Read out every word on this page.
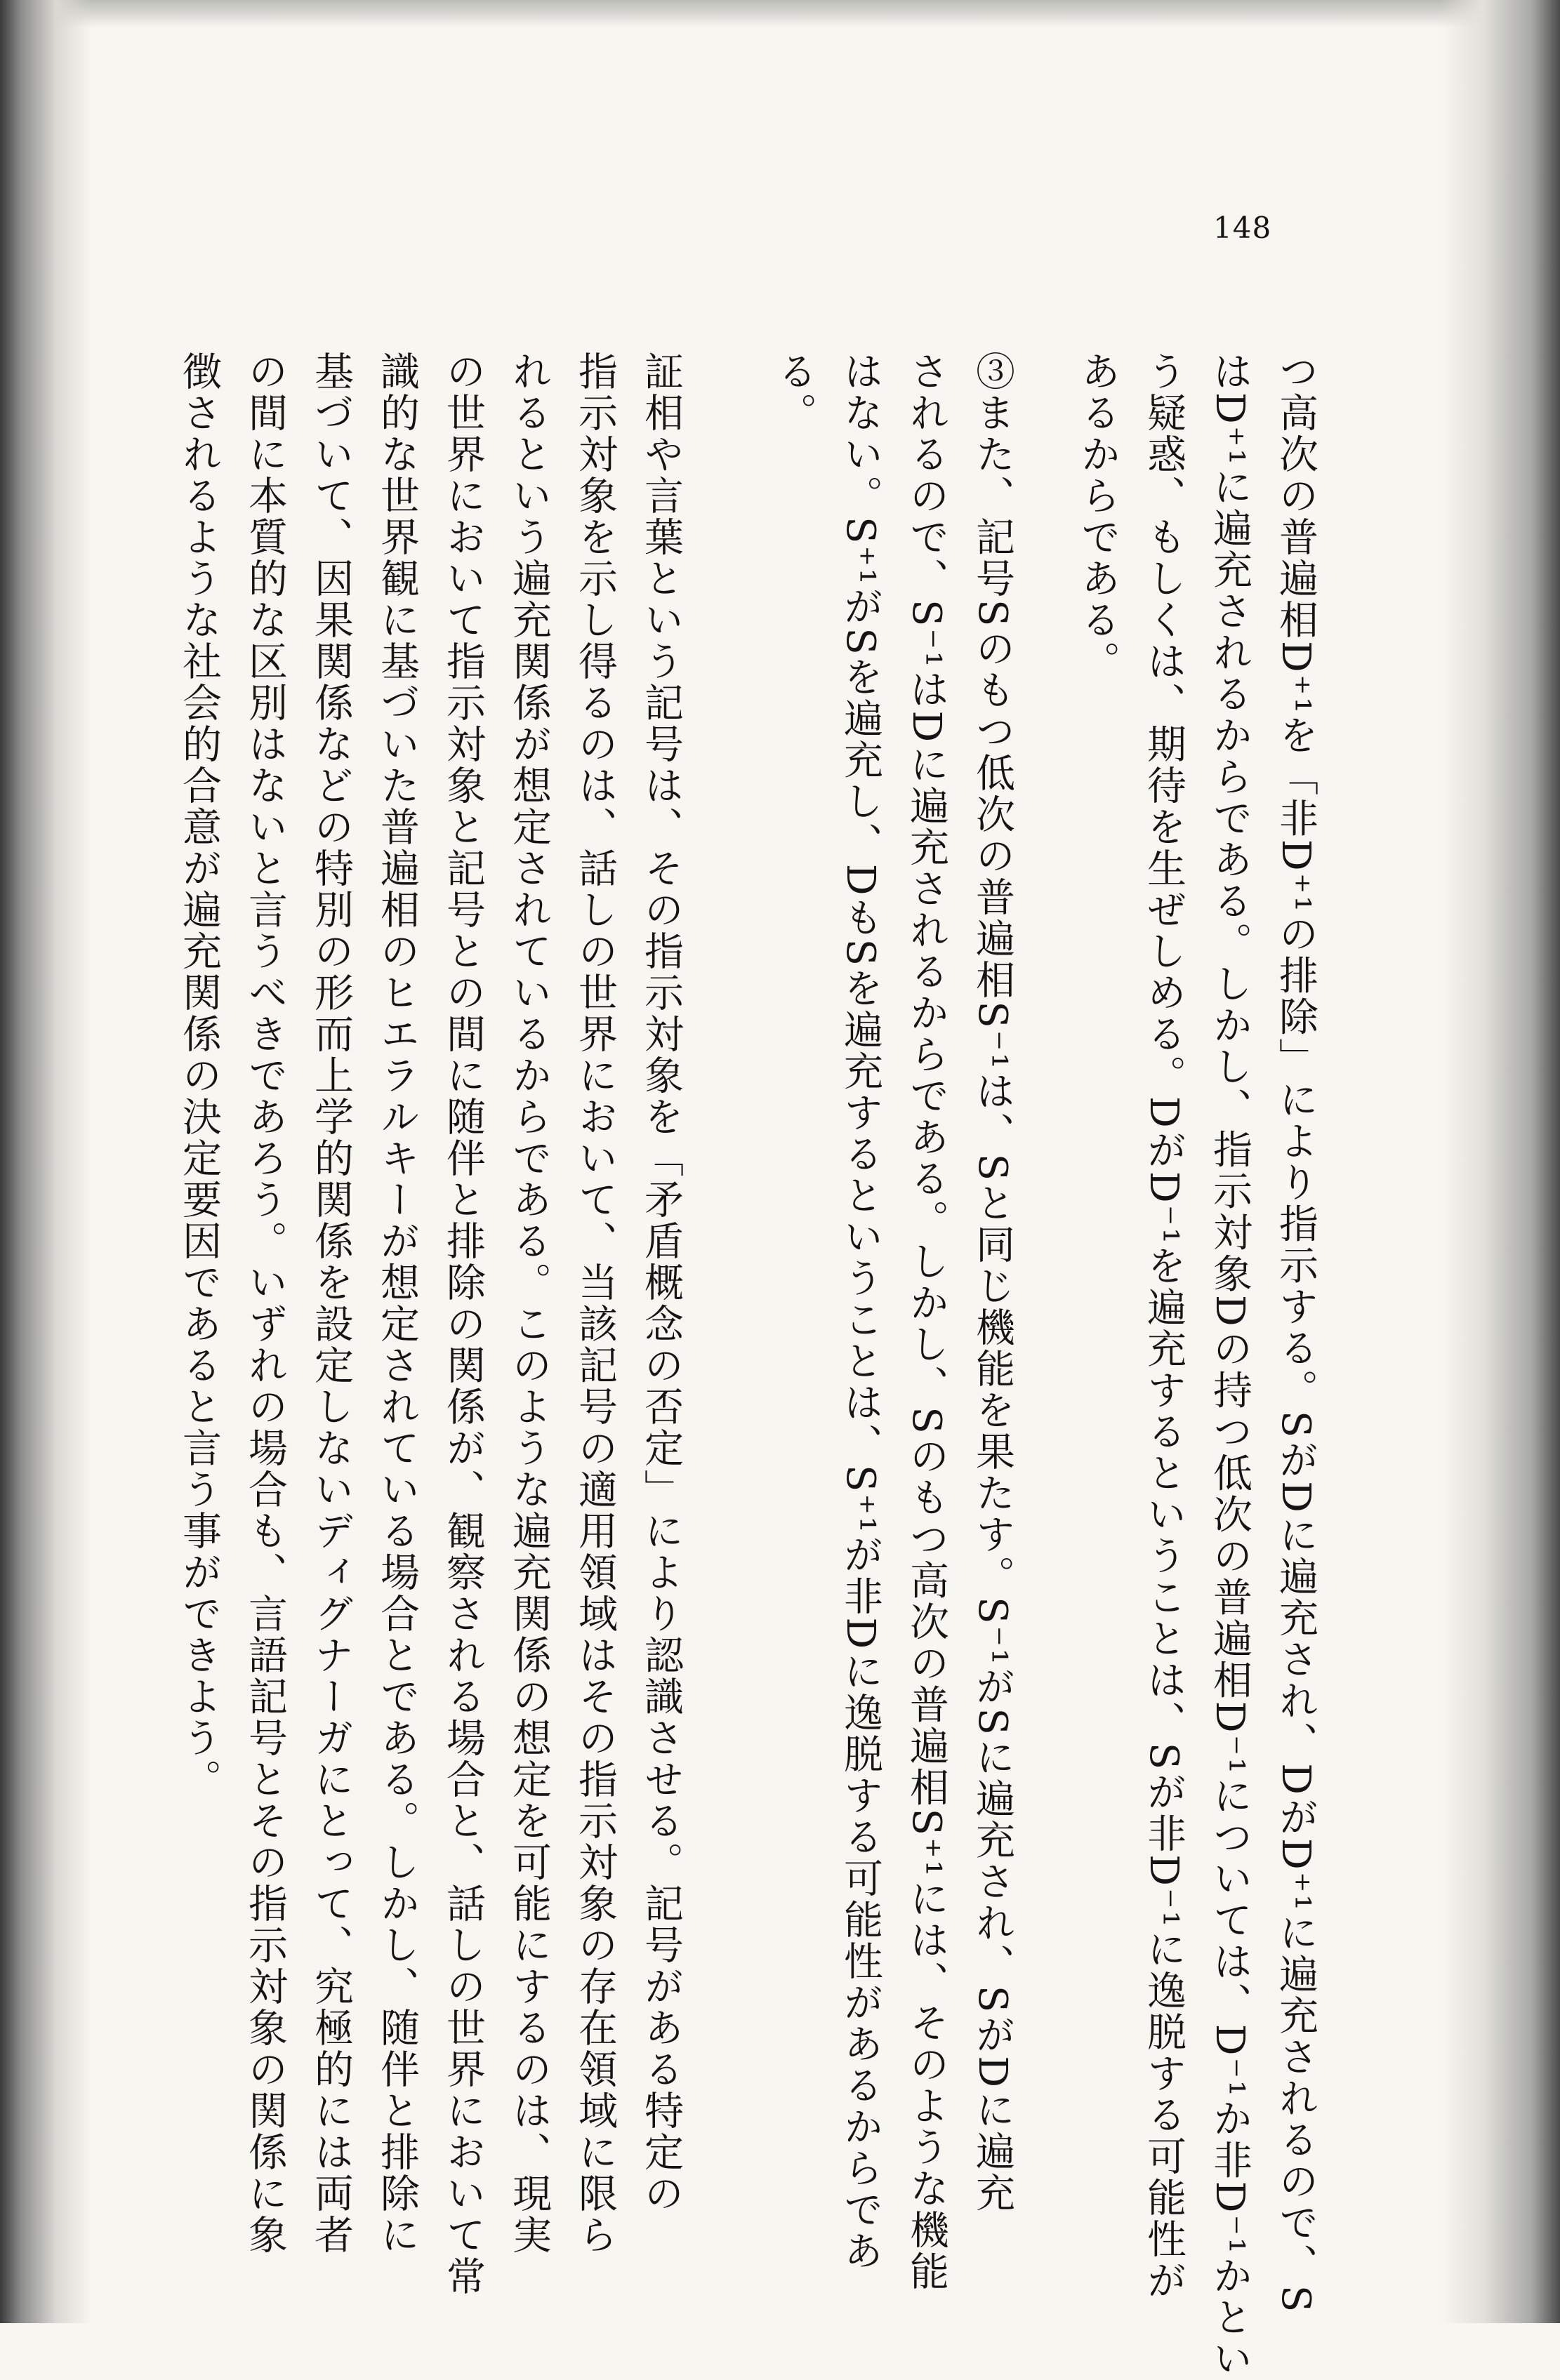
148
つ高次の普遍相D⁺¹を「非D⁺¹の排除」により指示する。SがDに遍充され、DがD⁺¹に遍充されるので、S
はD⁺¹に遍充されるからである。しかし、指示対象Dの持つ低次の普遍相D⁻¹については、D⁻¹か非D⁻¹かとい
う疑惑、もしくは、期待を生ぜしめる。DがD⁻¹を遍充するということは、Sが非D⁻¹に逸脱する可能性が
あるからである。
③また、記号Sのもつ低次の普遍相S⁻¹は、Sと同じ機能を果たす。S⁻¹がSに遍充され、SがDに遍充
されるので、S⁻¹はDに遍充されるからである。しかし、Sのもつ高次の普遍相S⁺¹には、そのような機能
はない。S⁺¹がSを遍充し、DもSを遍充するということは、S⁺¹が非Dに逸脱する可能性があるからであ
る。
証相や言葉という記号は、その指示対象を「矛盾概念の否定」により認識させる。記号がある特定の
指示対象を示し得るのは、話しの世界において、当該記号の適用領域はその指示対象の存在領域に限ら
れるという遍充関係が想定されているからである。このような遍充関係の想定を可能にするのは、現実
の世界において指示対象と記号との間に随伴と排除の関係が、観察される場合と、話しの世界において常
識的な世界観に基づいた普遍相のヒエラルキーが想定されている場合とである。しかし、随伴と排除に
基づいて、因果関係などの特別の形而上学的関係を設定しないディグナーガにとって、究極的には両者
の間に本質的な区別はないと言うべきであろう。いずれの場合も、言語記号とその指示対象の関係に象
徴されるような社会的合意が遍充関係の決定要因であると言う事ができよう。
